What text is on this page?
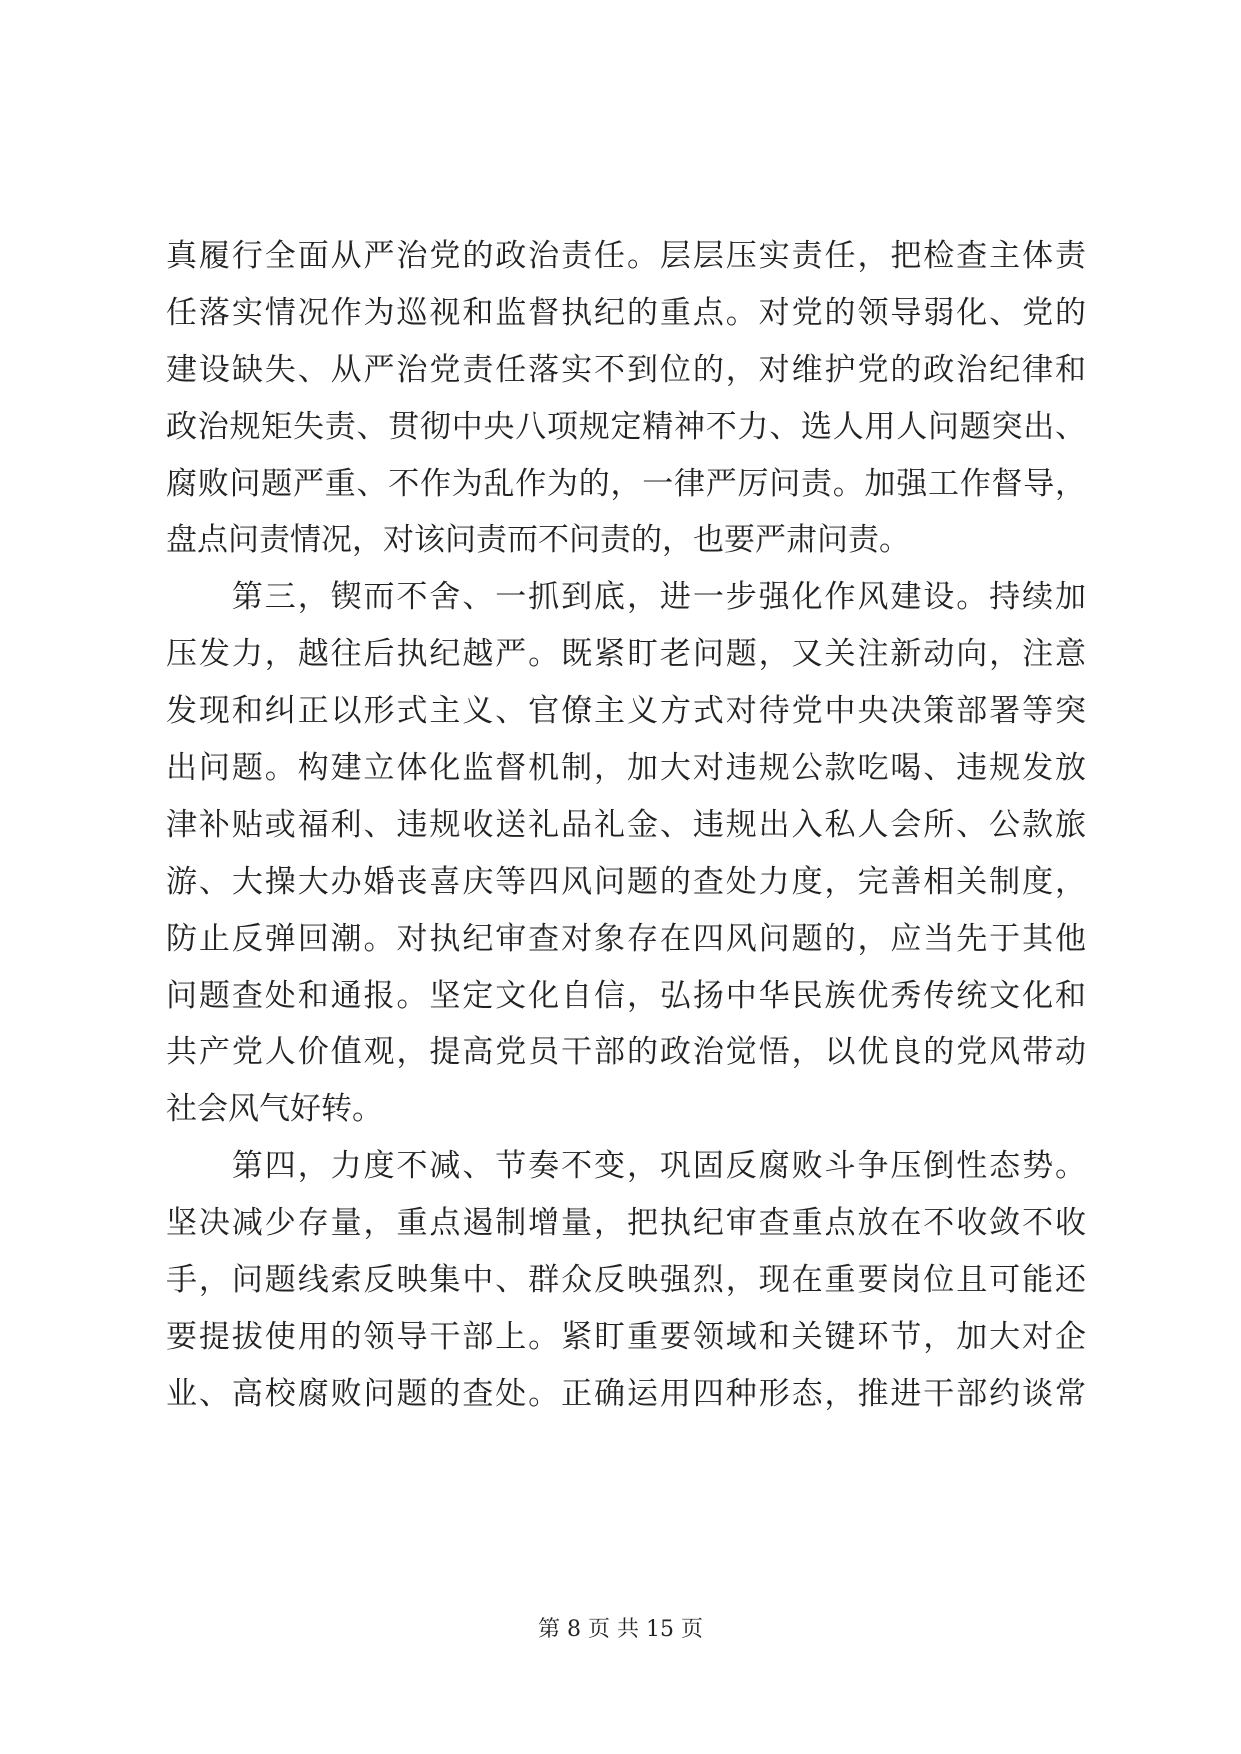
真履行全面从严治党的政治责任。层层压实责任，把检查主体责
任落实情况作为巡视和监督执纪的重点。对党的领导弱化、党的
建设缺失、从严治党责任落实不到位的，对维护党的政治纪律和
政治规矩失责、贯彻中央八项规定精神不力、选人用人问题突出、
腐败问题严重、不作为乱作为的，一律严厉问责。加强工作督导，
盘点问责情况，对该问责而不问责的，也要严肃问责。
　　第三，锲而不舍、一抓到底，进一步强化作风建设。持续加
压发力，越往后执纪越严。既紧盯老问题，又关注新动向，注意
发现和纠正以形式主义、官僚主义方式对待党中央决策部署等突
出问题。构建立体化监督机制，加大对违规公款吃喝、违规发放
津补贴或福利、违规收送礼品礼金、违规出入私人会所、公款旅
游、大操大办婚丧喜庆等四风问题的查处力度，完善相关制度，
防止反弹回潮。对执纪审查对象存在四风问题的，应当先于其他
问题查处和通报。坚定文化自信，弘扬中华民族优秀传统文化和
共产党人价值观，提高党员干部的政治觉悟，以优良的党风带动
社会风气好转。
　　第四，力度不减、节奏不变，巩固反腐败斗争压倒性态势。
坚决减少存量，重点遏制增量，把执纪审查重点放在不收敛不收
手，问题线索反映集中、群众反映强烈，现在重要岗位且可能还
要提拔使用的领导干部上。紧盯重要领域和关键环节，加大对企
业、高校腐败问题的查处。正确运用四种形态，推进干部约谈常
第 8 页 共 15 页
